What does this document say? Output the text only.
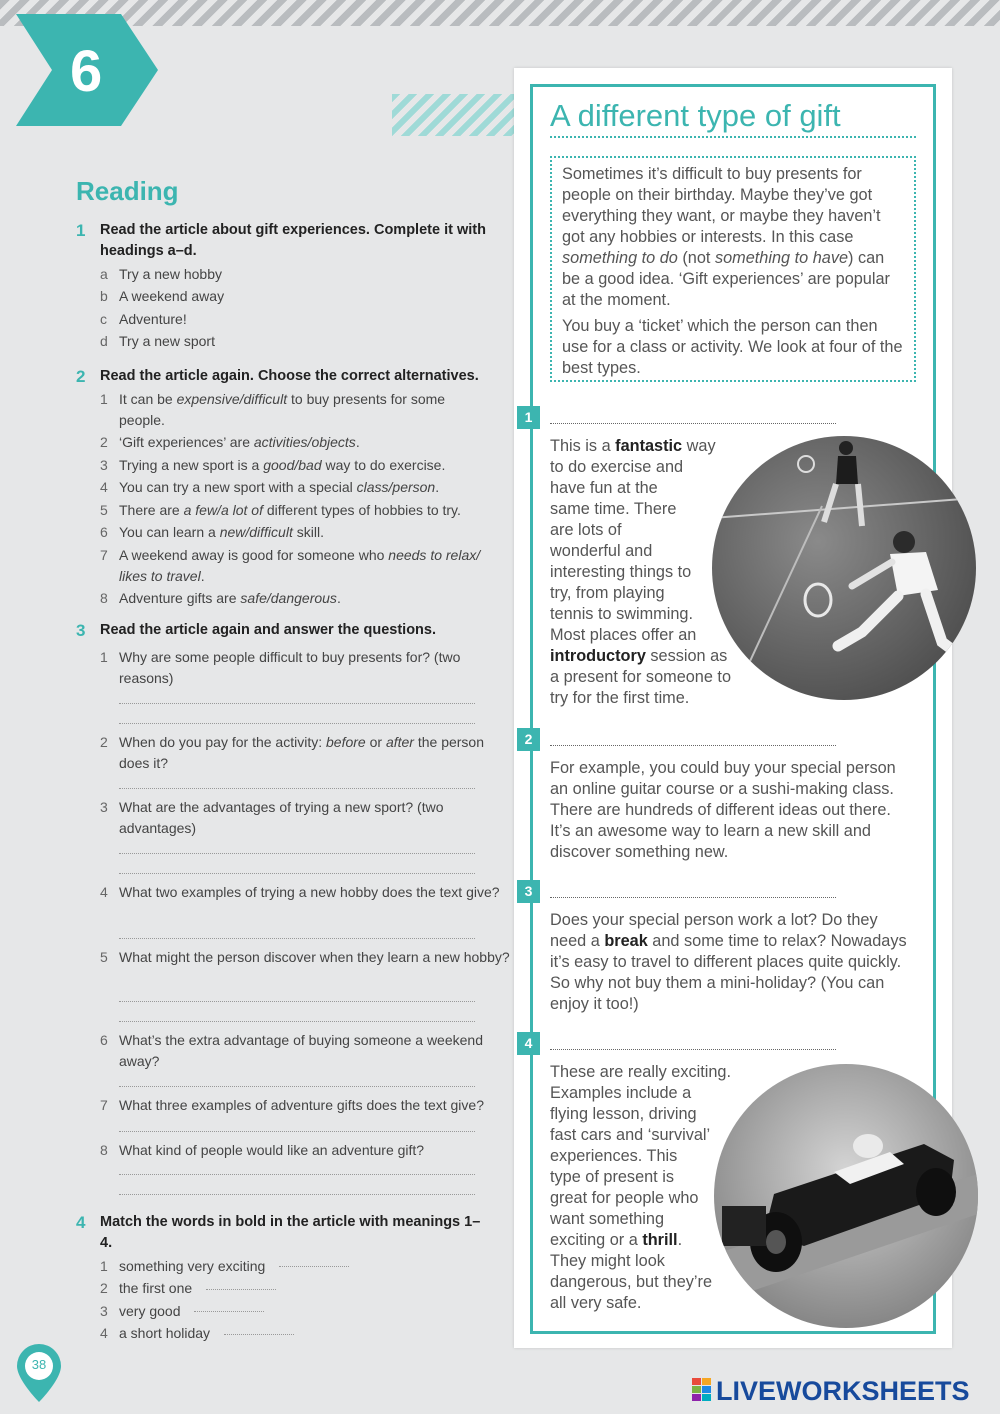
6
Reading
1 Read the article about gift experiences. Complete it with headings a–d.
a Try a new hobby
b A weekend away
c Adventure!
d Try a new sport
2 Read the article again. Choose the correct alternatives.
1 It can be expensive/difficult to buy presents for some people.
2 ‘Gift experiences’ are activities/objects.
3 Trying a new sport is a good/bad way to do exercise.
4 You can try a new sport with a special class/person.
5 There are a few/a lot of different types of hobbies to try.
6 You can learn a new/difficult skill.
7 A weekend away is good for someone who needs to relax/ likes to travel.
8 Adventure gifts are safe/dangerous.
3 Read the article again and answer the questions.
1 Why are some people difficult to buy presents for? (two reasons)
2 When do you pay for the activity: before or after the person does it?
3 What are the advantages of trying a new sport? (two advantages)
4 What two examples of trying a new hobby does the text give?
5 What might the person discover when they learn a new hobby?
6 What’s the extra advantage of buying someone a weekend away?
7 What three examples of adventure gifts does the text give?
8 What kind of people would like an adventure gift?
4 Match the words in bold in the article with meanings 1–4.
1 something very exciting
2 the first one
3 very good
4 a short holiday
A different type of gift

Sometimes it’s difficult to buy presents for people on their birthday. Maybe they’ve got everything they want, or maybe they haven’t got any hobbies or interests. In this case something to do (not something to have) can be a good idea. ‘Gift experiences’ are popular at the moment.

You buy a ‘ticket’ which the person can then use for a class or activity. We look at four of the best types.

1
This is a fantastic way
to do exercise and
have fun at the
same time. There
are lots of
wonderful and
interesting things to
try, from playing
tennis to swimming.
Most places offer an
introductory session as
a present for someone to
try for the first time.
2
For example, you could buy your special person
an online guitar course or a sushi-making class.
There are hundreds of different ideas out there.
It’s an awesome way to learn a new skill and
discover something new.
3
Does your special person work a lot? Do they
need a break and some time to relax? Nowadays
it’s easy to travel to different places quite quickly.
So why not buy them a mini-holiday? (You can
enjoy it too!)
4
These are really exciting.
Examples include a
flying lesson, driving
fast cars and ‘survival’
experiences. This
type of present is
great for people who
want something
exciting or a thrill.
They might look
dangerous, but they’re
all very safe.
38
LIVEWORKSHEETS
